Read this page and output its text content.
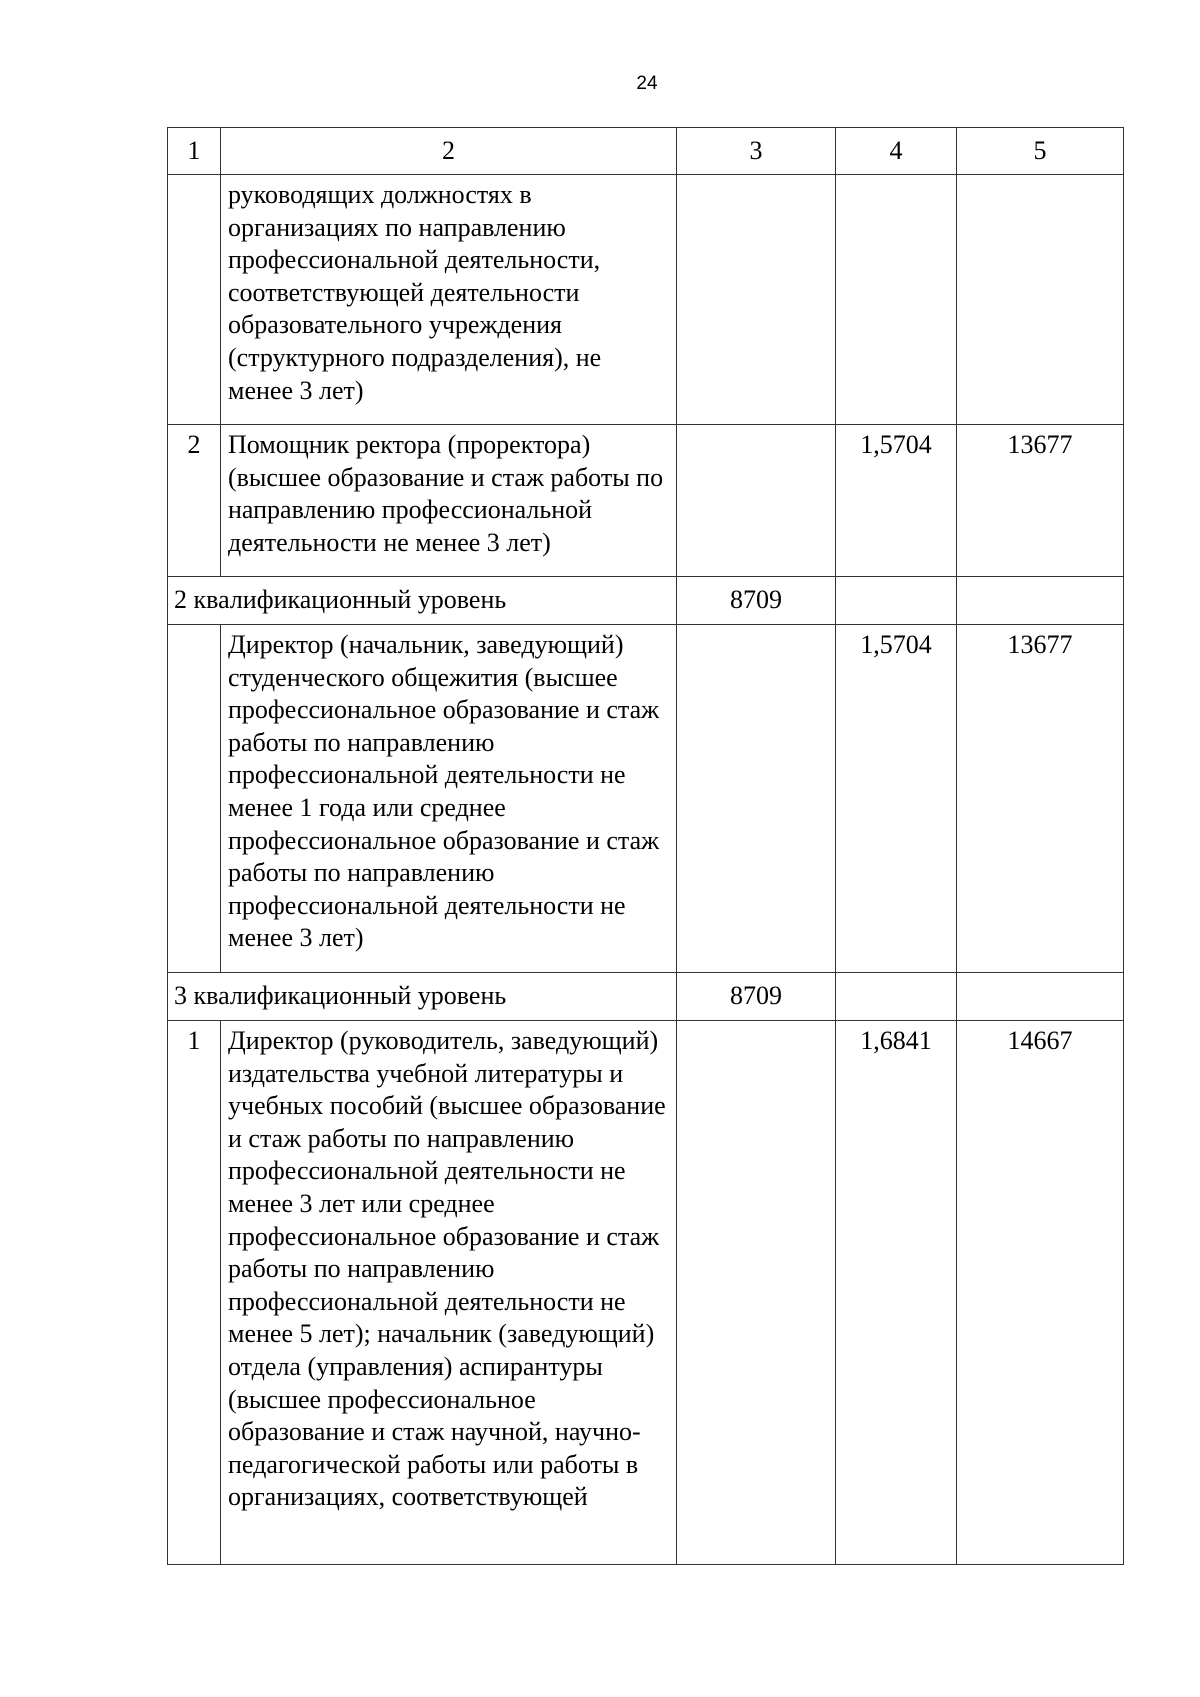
24
1	2	3	4	5
	руководящих должностях в организациях по направлению профессиональной деятельности, соответствующей деятельности образовательного учреждения (структурного подразделения), не менее 3 лет)			
2	Помощник ректора (проректора) (высшее образование и стаж работы по направлению профессиональной деятельности не менее 3 лет)		1,5704	13677
2 квалификационный уровень		8709		
	Директор (начальник, заведующий) студенческого общежития (высшее профессиональное образование и стаж работы по направлению профессиональной деятельности не менее 1 года или среднее профессиональное образование и стаж работы по направлению профессиональной деятельности не менее 3 лет)		1,5704	13677
3 квалификационный уровень		8709		
1	Директор (руководитель, заведующий) издательства учебной литературы и учебных пособий (высшее образование и стаж работы по направлению профессиональной деятельности не менее 3 лет или среднее профессиональное образование и стаж работы по направлению профессиональной деятельности не менее 5 лет); начальник (заведующий) отдела (управления) аспирантуры (высшее профессиональное образование и стаж научной, научно-педагогической работы или работы в организациях, соответствующей		1,6841	14667
